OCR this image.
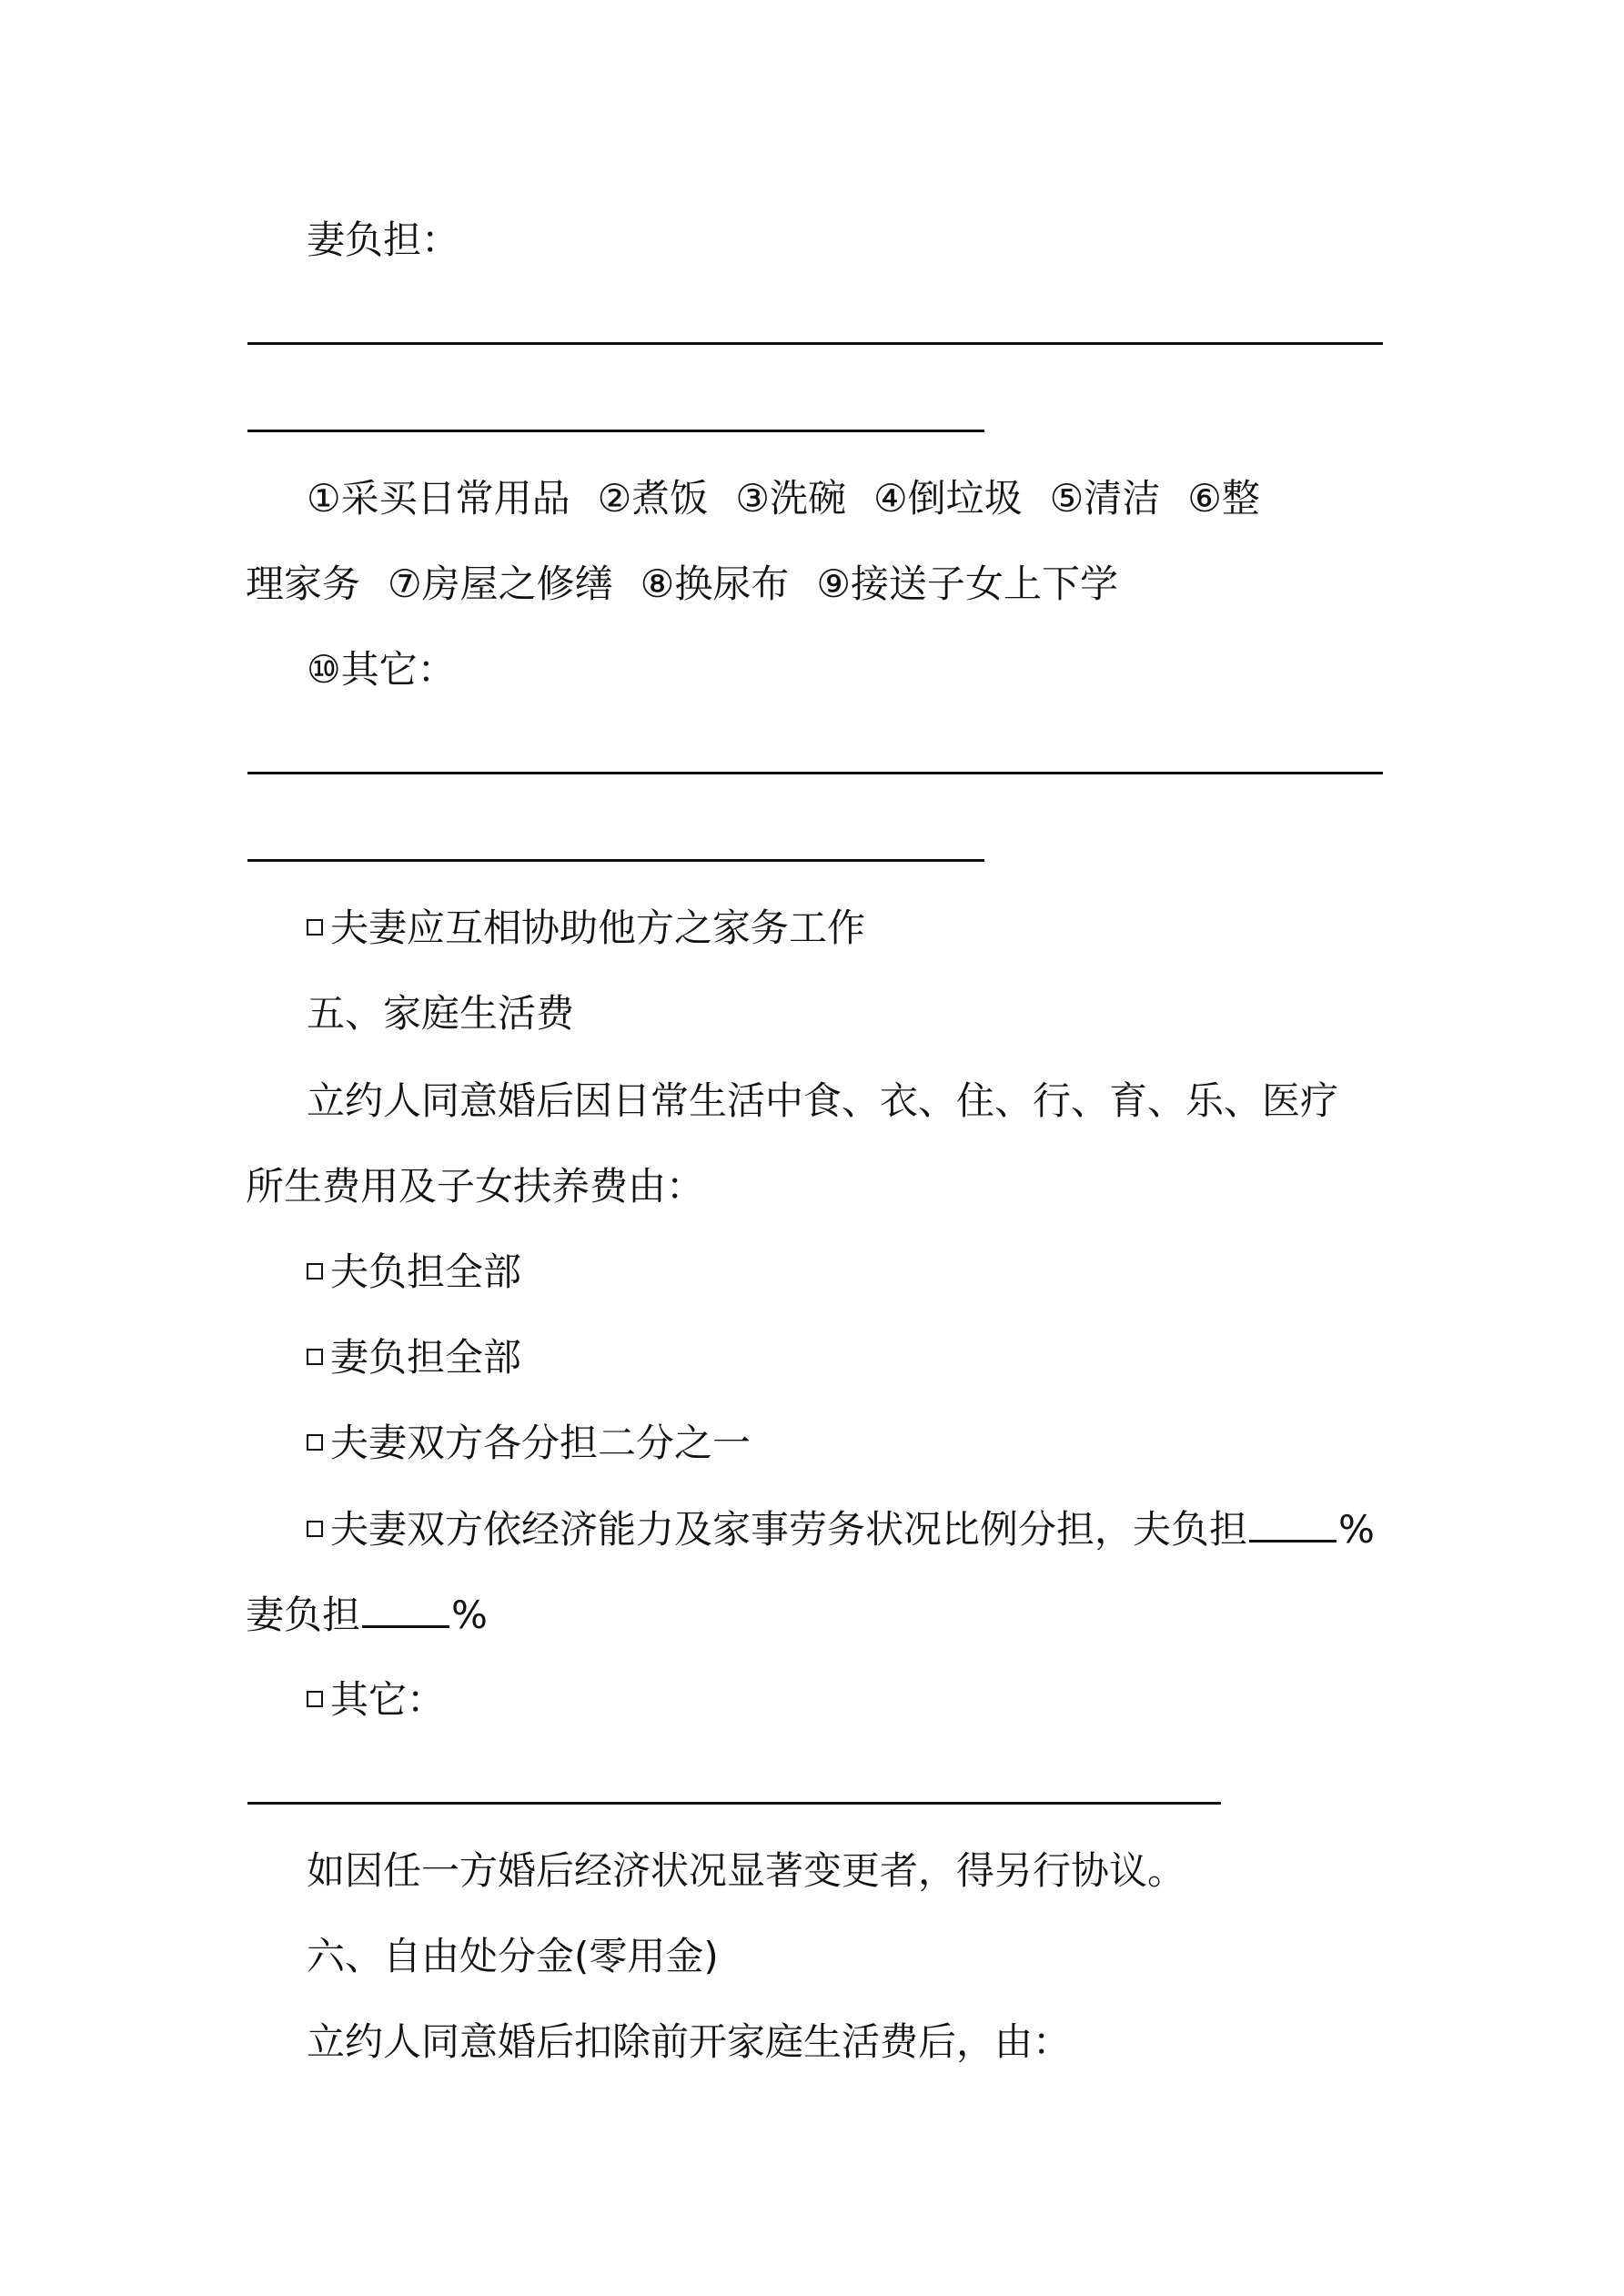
妻负担：
①采买日常用品 ②煮饭 ③洗碗 ④倒垃圾 ⑤清洁 ⑥整
理家务 ⑦房屋之修缮 ⑧换尿布 ⑨接送子女上下学
⑩其它：
夫妻应互相协助他方之家务工作
五、家庭生活费
立约人同意婚后因日常生活中食、衣、住、行、育、乐、医疗
所生费用及子女扶养费由：
夫负担全部
妻负担全部
夫妻双方各分担二分之一
夫妻双方依经济能力及家事劳务状况比例分担，夫负担 %
妻负担 %
其它：
如因任一方婚后经济状况显著变更者，得另行协议。
六、自由处分金(零用金)
立约人同意婚后扣除前开家庭生活费后，由：
